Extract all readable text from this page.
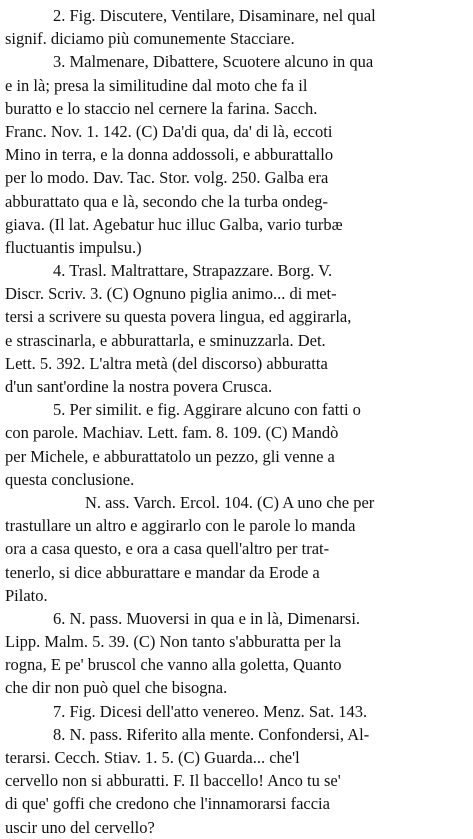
2. Fig. Discutere, Ventilare, Disaminare, nel qual
signif. diciamo più comunemente Stacciare.
3. Malmenare, Dibattere, Scuotere alcuno in qua
e in là; presa la similitudine dal moto che fa il
buratto e lo staccio nel cernere la farina. Sacch.
Franc. Nov. 1. 142. (C) Da'di qua, da' di là, eccoti
Mino in terra, e la donna addossoli, e abburattallo
per lo modo. Dav. Tac. Stor. volg. 250. Galba era
abburattato qua e là, secondo che la turba ondeg-
giava. (Il lat. Agebatur huc illuc Galba, vario turbæ
fluctuantis impulsu.)
4. Trasl. Maltrattare, Strapazzare. Borg. V.
Discr. Scriv. 3. (C) Ognuno piglia animo... di met-
tersi a scrivere su questa povera lingua, ed aggirarla,
e strascinarla, e abburattarla, e sminuzzarla. Det.
Lett. 5. 392. L'altra metà (del discorso) abburatta
d'un sant'ordine la nostra povera Crusca.
5. Per similit. e fig. Aggirare alcuno con fatti o
con parole. Machiav. Lett. fam. 8. 109. (C) Mandò
per Michele, e abburattatolo un pezzo, gli venne a
questa conclusione.
N. ass. Varch. Ercol. 104. (C) A uno che per
trastullare un altro e aggirarlo con le parole lo manda
ora a casa questo, e ora a casa quell'altro per trat-
tenerlo, si dice abburattare e mandar da Erode a
Pilato.
6. N. pass. Muoversi in qua e in là, Dimenarsi.
Lipp. Malm. 5. 39. (C) Non tanto s'abburatta per la
rogna, E pe' bruscol che vanno alla goletta, Quanto
che dir non può quel che bisogna.
7. Fig. Dicesi dell'atto venereo. Menz. Sat. 143.
8. N. pass. Riferito alla mente. Confondersi, Al-
terarsi. Cecch. Stiav. 1. 5. (C) Guarda... che'l
cervello non si abburatti. F. Il baccello! Anco tu se'
di que' goffi che credono che l'innamorarsi faccia
uscir uno del cervello?
